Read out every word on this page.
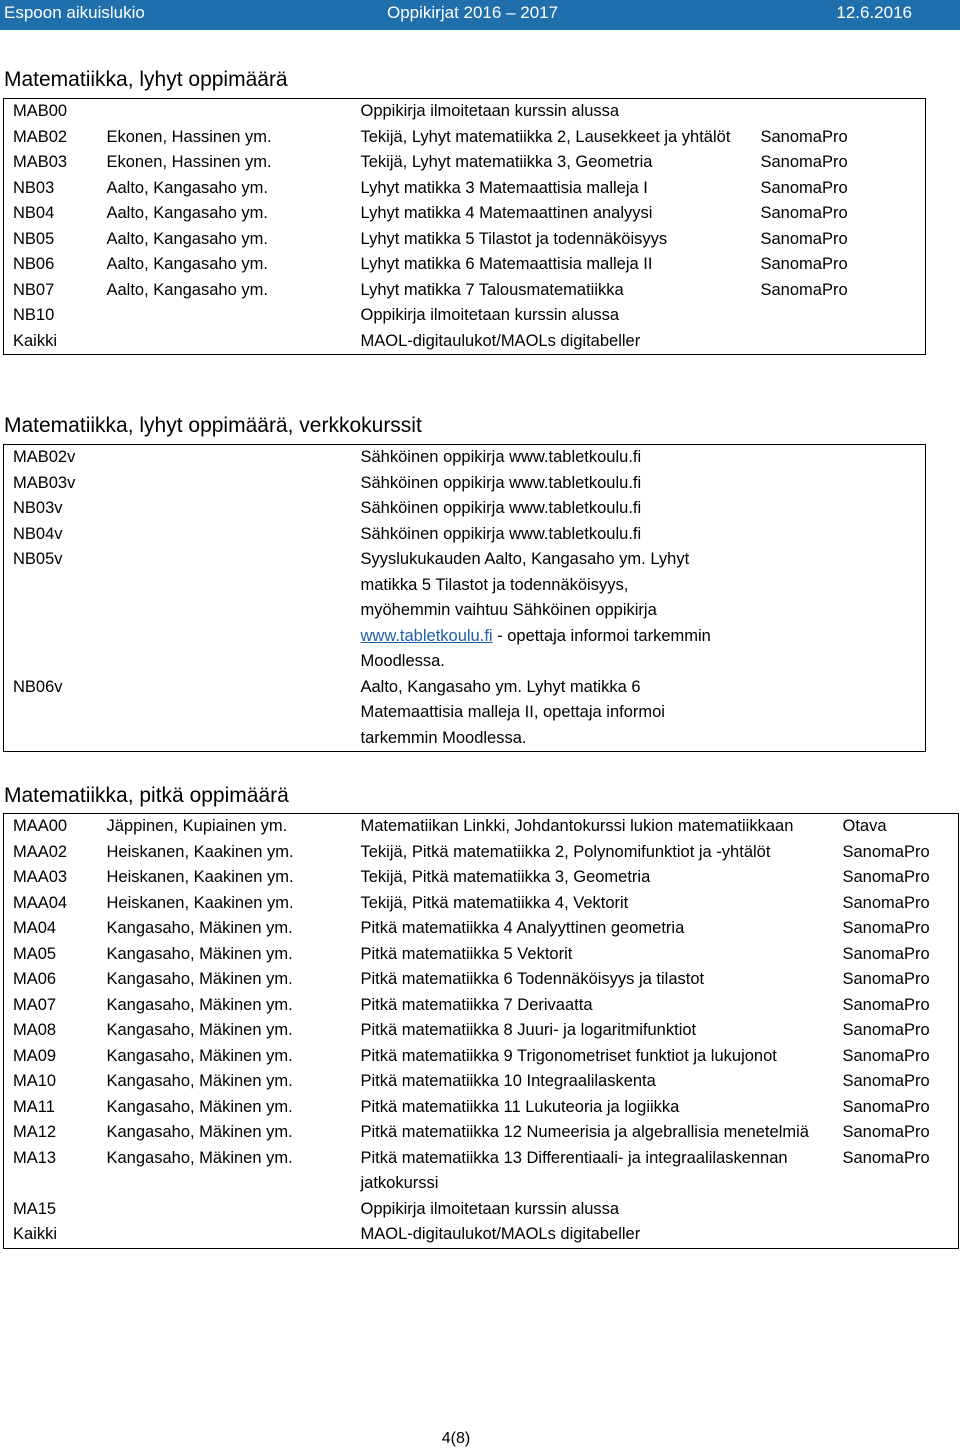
Espoon aikuislukio	Oppikirjat 2016 – 2017	12.6.2016
Matematiikka, lyhyt oppimäärä
MAB00		Oppikirja ilmoitetaan kurssin alussa	
MAB02	Ekonen, Hassinen ym.	Tekijä, Lyhyt matematiikka 2, Lausekkeet ja yhtälöt	SanomaPro
MAB03	Ekonen, Hassinen ym.	Tekijä, Lyhyt matematiikka 3, Geometria	SanomaPro
NB03	Aalto, Kangasaho ym.	Lyhyt matikka 3 Matemaattisia malleja I	SanomaPro
NB04	Aalto, Kangasaho ym.	Lyhyt matikka 4 Matemaattinen analyysi	SanomaPro
NB05	Aalto, Kangasaho ym.	Lyhyt matikka 5 Tilastot ja todennäköisyys	SanomaPro
NB06	Aalto, Kangasaho ym.	Lyhyt matikka 6 Matemaattisia malleja II	SanomaPro
NB07	Aalto, Kangasaho ym.	Lyhyt matikka 7 Talousmatematiikka	SanomaPro
NB10		Oppikirja ilmoitetaan kurssin alussa	
Kaikki		MAOL-digitaulukot/MAOLs digitabeller	
Matematiikka, lyhyt oppimäärä, verkkokurssit
MAB02v	Sähköinen oppikirja www.tabletkoulu.fi	
MAB03v	Sähköinen oppikirja www.tabletkoulu.fi	
NB03v	Sähköinen oppikirja www.tabletkoulu.fi	
NB04v	Sähköinen oppikirja www.tabletkoulu.fi	
NB05v	Syyslukukauden Aalto, Kangasaho ym. Lyhyt matikka 5 Tilastot ja todennäköisyys, myöhemmin vaihtuu Sähköinen oppikirja
www.tabletkoulu.fi - opettaja informoi tarkemmin Moodlessa.	
NB06v	Aalto, Kangasaho ym. Lyhyt matikka 6 Matemaattisia malleja II, opettaja informoi tarkemmin Moodlessa.	
Matematiikka, pitkä oppimäärä
MAA00	Jäppinen, Kupiainen ym.	Matematiikan Linkki, Johdantokurssi lukion matematiikkaan	Otava
MAA02	Heiskanen, Kaakinen ym.	Tekijä, Pitkä matematiikka 2, Polynomifunktiot ja -yhtälöt	SanomaPro
MAA03	Heiskanen, Kaakinen ym.	Tekijä, Pitkä matematiikka 3, Geometria	SanomaPro
MAA04	Heiskanen, Kaakinen ym.	Tekijä, Pitkä matematiikka 4, Vektorit	SanomaPro
MA04	Kangasaho, Mäkinen ym.	Pitkä matematiikka 4 Analyyttinen geometria	SanomaPro
MA05	Kangasaho, Mäkinen ym.	Pitkä matematiikka 5 Vektorit	SanomaPro
MA06	Kangasaho, Mäkinen ym.	Pitkä matematiikka 6 Todennäköisyys ja tilastot	SanomaPro
MA07	Kangasaho, Mäkinen ym.	Pitkä matematiikka 7 Derivaatta	SanomaPro
MA08	Kangasaho, Mäkinen ym.	Pitkä matematiikka 8 Juuri- ja logaritmifunktiot	SanomaPro
MA09	Kangasaho, Mäkinen ym.	Pitkä matematiikka 9 Trigonometriset funktiot ja lukujonot	SanomaPro
MA10	Kangasaho, Mäkinen ym.	Pitkä matematiikka 10 Integraalilaskenta	SanomaPro
MA11	Kangasaho, Mäkinen ym.	Pitkä matematiikka 11 Lukuteoria ja logiikka	SanomaPro
MA12	Kangasaho, Mäkinen ym.	Pitkä matematiikka 12 Numeerisia ja algebrallisia menetelmiä	SanomaPro
MA13	Kangasaho, Mäkinen ym.	Pitkä matematiikka 13 Differentiaali- ja integraalilaskennan jatkokurssi	SanomaPro
MA15		Oppikirja ilmoitetaan kurssin alussa	
Kaikki		MAOL-digitaulukot/MAOLs digitabeller	
4(8)
